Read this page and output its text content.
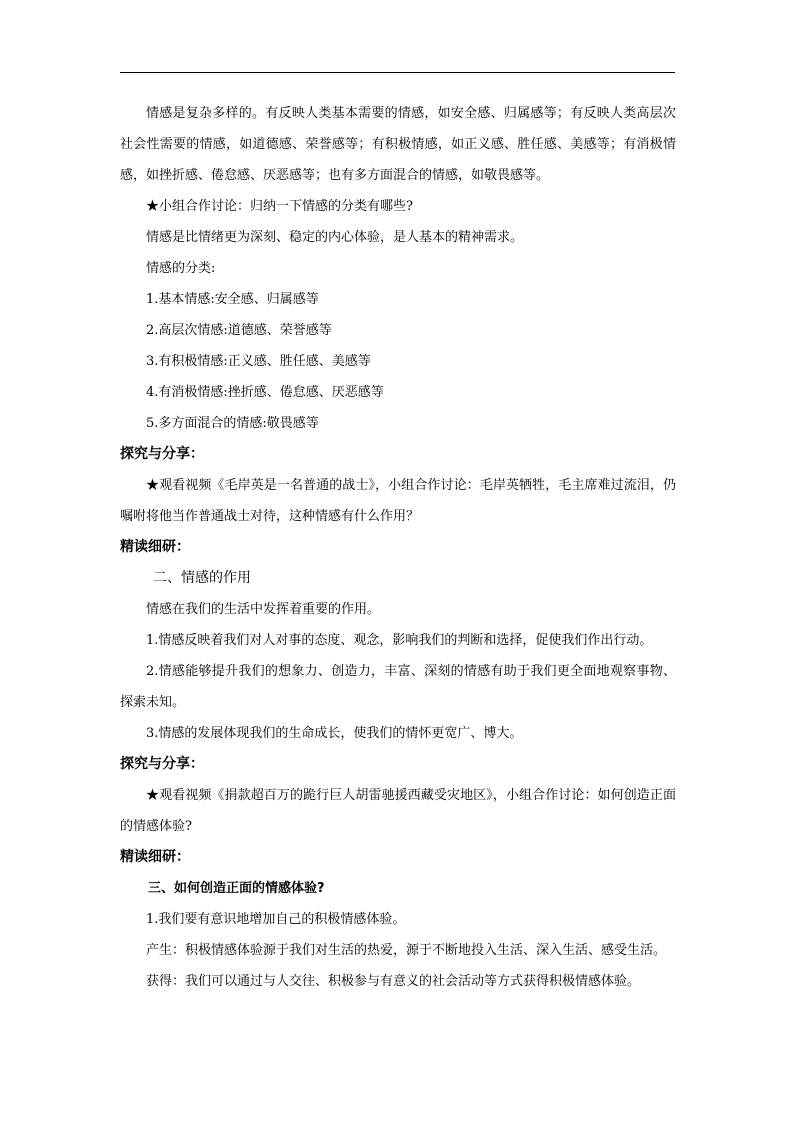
情感是复杂多样的。有反映人类基本需要的情感，如安全感、归属感等；有反映人类高层次社会性需要的情感，如道德感、荣誉感等；有积极情感，如正义感、胜任感、美感等；有消极情感，如挫折感、倦怠感、厌恶感等；也有多方面混合的情感，如敬畏感等。

★小组合作讨论：归纳一下情感的分类有哪些?

情感是比情绪更为深刻、稳定的内心体验，是人基本的精神需求。

情感的分类:

1.基本情感:安全感、归属感等

2.高层次情感:道德感、荣誉感等

3.有积极情感:正义感、胜任感、美感等

4.有消极情感:挫折感、倦怠感、厌恶感等

5.多方面混合的情感:敬畏感等

探究与分享：

★观看视频《毛岸英是一名普通的战士》，小组合作讨论：毛岸英牺牲，毛主席难过流泪，仍嘱咐将他当作普通战士对待，这种情感有什么作用？

精读细研：

二、情感的作用

情感在我们的生活中发挥着重要的作用。

1.情感反映着我们对人对事的态度、观念，影响我们的判断和选择，促使我们作出行动。

2.情感能够提升我们的想象力、创造力，丰富、深刻的情感有助于我们更全面地观察事物、探索未知。

3.情感的发展体现我们的生命成长，使我们的情怀更宽广、博大。

探究与分享：

★观看视频《捐款超百万的跪行巨人胡雷驰援西藏受灾地区》，小组合作讨论：如何创造正面的情感体验?

精读细研：

三、如何创造正面的情感体验?

1.我们要有意识地增加自己的积极情感体验。

产生：积极情感体验源于我们对生活的热爱，源于不断地投入生活、深入生活、感受生活。

获得：我们可以通过与人交往、积极参与有意义的社会活动等方式获得积极情感体验。
